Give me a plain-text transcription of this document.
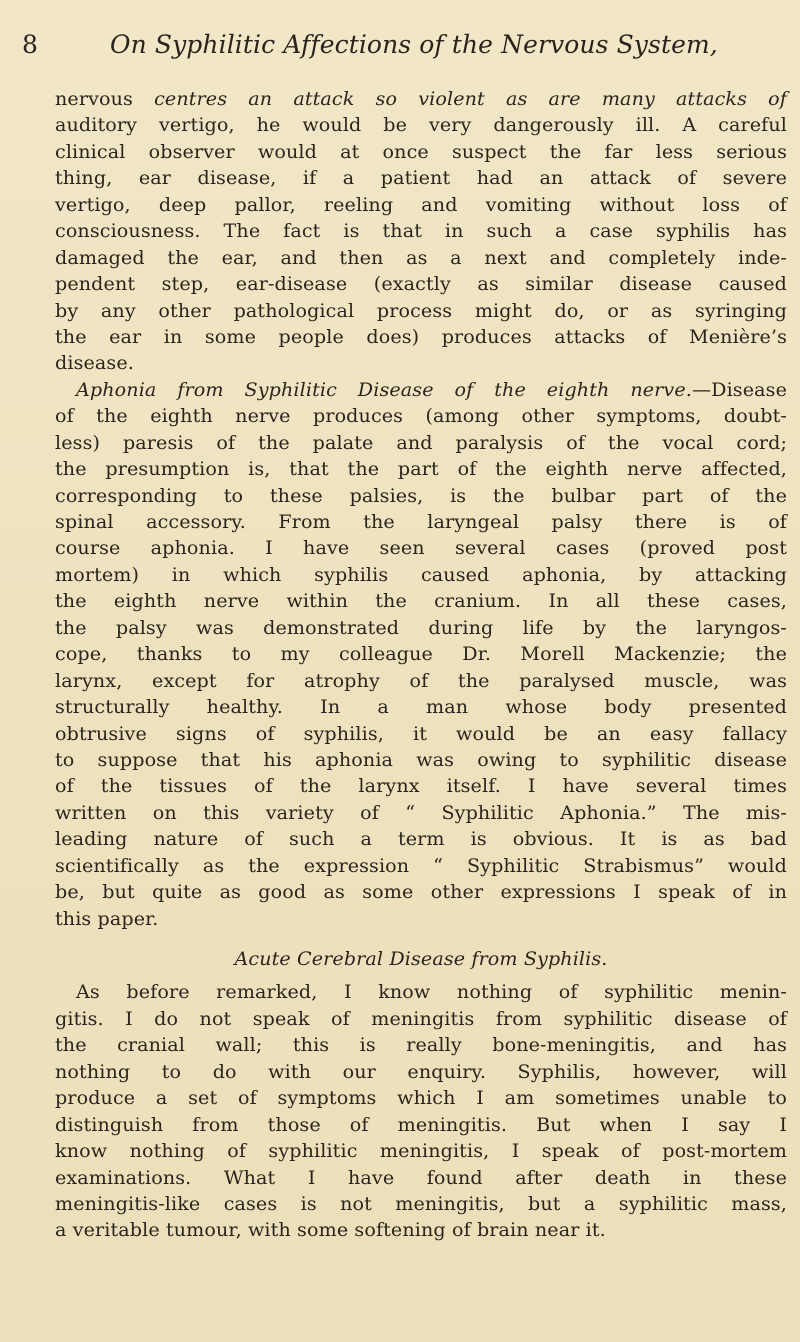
8	On Syphilitic Affections of the Nervous System,
nervous centres an attack so violent as are many attacks of
auditory vertigo, he would be very dangerously ill. A careful
clinical observer would at once suspect the far less serious
thing, ear disease, if a patient had an attack of severe
vertigo, deep pallor, reeling and vomiting without loss of
consciousness. The fact is that in such a case syphilis has
damaged the ear, and then as a next and completely inde-
pendent step, ear-disease (exactly as similar disease caused
by any other pathological process might do, or as syringing
the ear in some people does) produces attacks of Menière’s
disease.
Aphonia from Syphilitic Disease of the eighth nerve.—Disease
of the eighth nerve produces (among other symptoms, doubt-
less) paresis of the palate and paralysis of the vocal cord;
the presumption is, that the part of the eighth nerve affected,
corresponding to these palsies, is the bulbar part of the
spinal accessory. From the laryngeal palsy there is of
course aphonia. I have seen several cases (proved post
mortem) in which syphilis caused aphonia, by attacking
the eighth nerve within the cranium. In all these cases,
the palsy was demonstrated during life by the laryngos-
cope, thanks to my colleague Dr. Morell Mackenzie; the
larynx, except for atrophy of the paralysed muscle, was
structurally healthy. In a man whose body presented
obtrusive signs of syphilis, it would be an easy fallacy
to suppose that his aphonia was owing to syphilitic disease
of the tissues of the larynx itself. I have several times
written on this variety of “ Syphilitic Aphonia.” The mis-
leading nature of such a term is obvious. It is as bad
scientifically as the expression “ Syphilitic Strabismus” would
be, but quite as good as some other expressions I speak of in
this paper.
Acute Cerebral Disease from Syphilis.
As before remarked, I know nothing of syphilitic menin-
gitis. I do not speak of meningitis from syphilitic disease of
the cranial wall; this is really bone-meningitis, and has
nothing to do with our enquiry. Syphilis, however, will
produce a set of symptoms which I am sometimes unable to
distinguish from those of meningitis. But when I say I
know nothing of syphilitic meningitis, I speak of post-mortem
examinations. What I have found after death in these
meningitis-like cases is not meningitis, but a syphilitic mass,
a veritable tumour, with some softening of brain near it.
